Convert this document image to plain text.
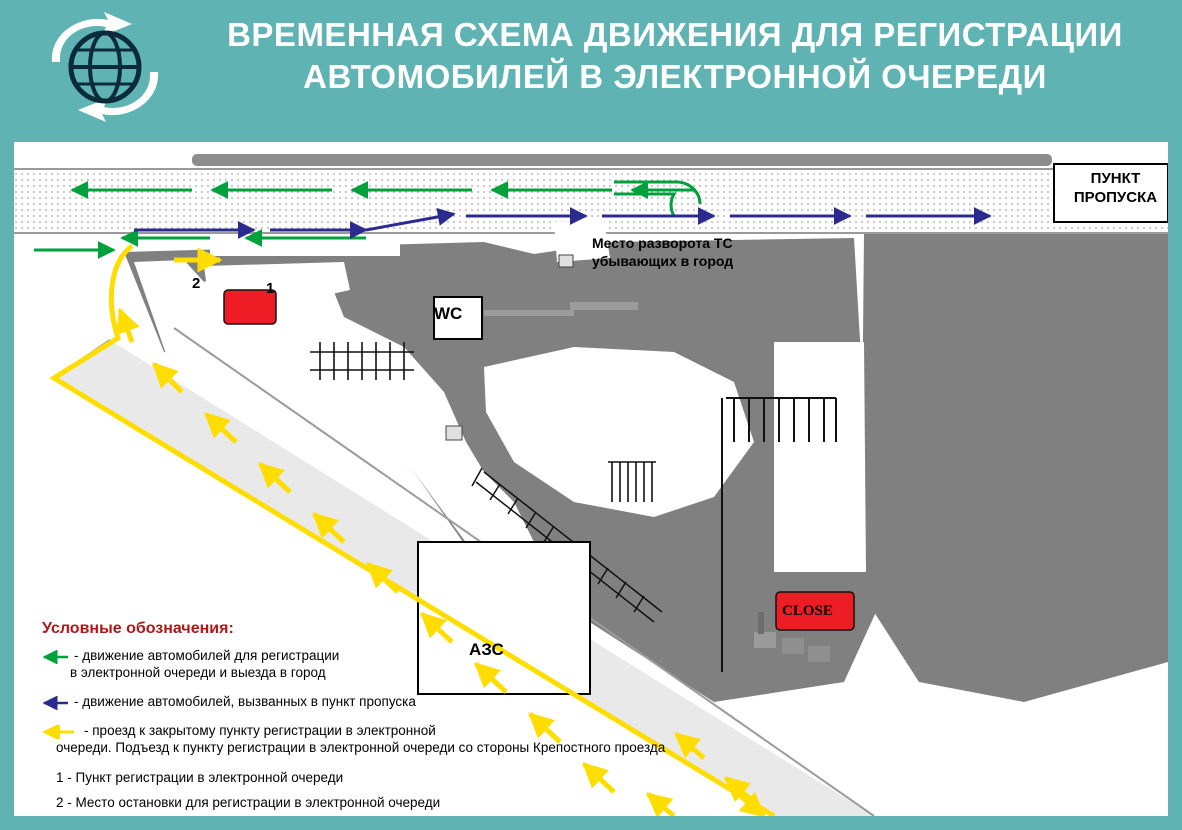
ВРЕМЕННАЯ СХЕМА ДВИЖЕНИЯ ДЛЯ РЕГИСТРАЦИИ
АВТОМОБИЛЕЙ В ЭЛЕКТРОННОЙ ОЧЕРЕДИ
ПУНКТ
ПРОПУСКА
Место разворота ТС
убывающих в город
WC
АЗС
CLOSE
1
2
Условные обозначения:
- движение автомобилей для регистрации
в электронной очереди и выезда в город
- движение автомобилей, вызванных в пункт пропуска
- проезд к закрытому пункту регистрации в электронной
очереди. Подъезд к пункту регистрации в электронной очереди со стороны Крепостного проезда
1 - Пункт регистрации в электронной очереди
2 - Место остановки для регистрации в электронной очереди
